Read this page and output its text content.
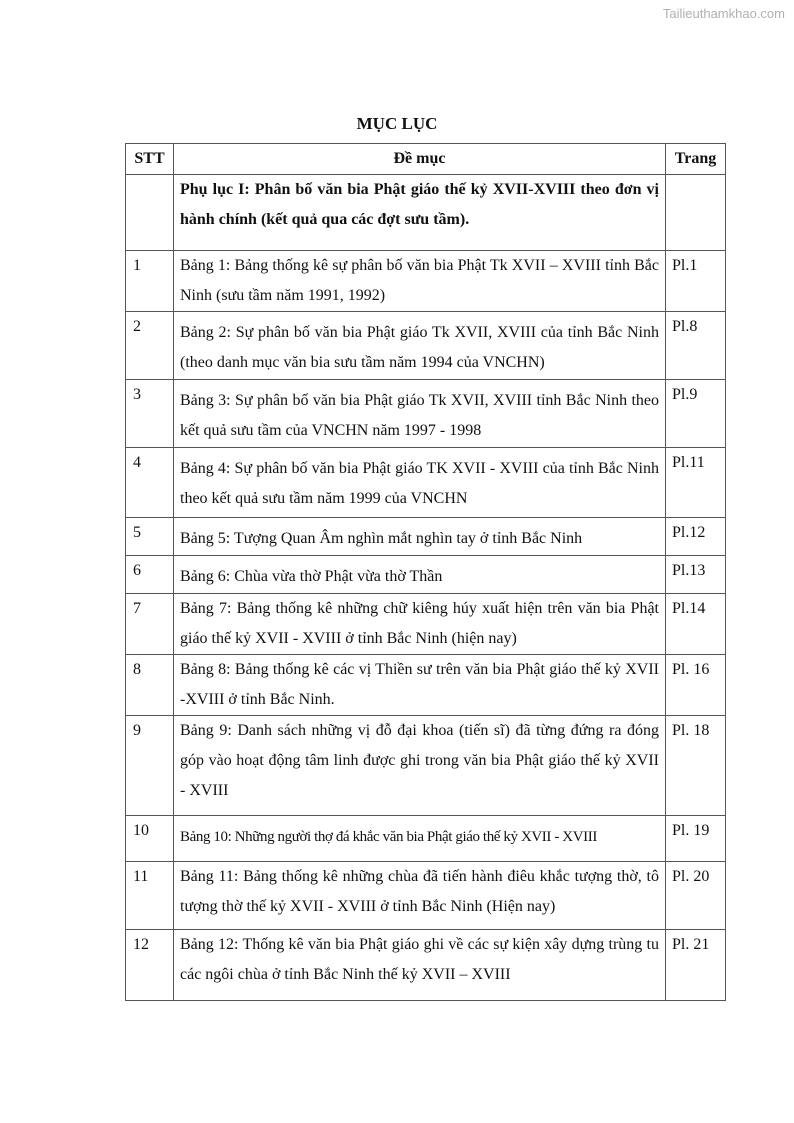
Tailieuthamkhao.com
MỤC LỤC
STT	Đề mục	Trang
	Phụ lục I: Phân bố văn bia Phật giáo thế kỷ XVII-XVIII theo đơn vị hành chính (kết quả qua các đợt sưu tầm).	
1	Bảng 1: Bảng thống kê sự phân bố văn bia Phật Tk XVII – XVIII tỉnh Bắc Ninh (sưu tầm năm 1991, 1992)	Pl.1
2	Bảng 2: Sự phân bố văn bia Phật giáo Tk XVII, XVIII của tỉnh Bắc Ninh (theo danh mục văn bia sưu tầm năm 1994 của VNCHN)	Pl.8
3	Bảng 3: Sự phân bố văn bia Phật giáo Tk XVII, XVIII tỉnh Bắc Ninh theo kết quả sưu tầm của VNCHN năm 1997 - 1998	Pl.9
4	Bảng 4: Sự phân bố văn bia Phật giáo TK XVII - XVIII của tỉnh Bắc Ninh theo kết quả sưu tầm năm 1999 của VNCHN	Pl.11
5	Bảng 5: Tượng Quan Âm nghìn mắt nghìn tay ở tỉnh Bắc Ninh	Pl.12
6	Bảng 6: Chùa vừa thờ Phật vừa thờ Thần	Pl.13
7	Bảng 7: Bảng thống kê những chữ kiêng húy xuất hiện trên văn bia Phật giáo thế kỷ XVII - XVIII ở tỉnh Bắc Ninh (hiện nay)	Pl.14
8	Bảng 8: Bảng thống kê các vị Thiền sư trên văn bia Phật giáo thế kỷ XVII -XVIII ở tỉnh Bắc Ninh.	Pl. 16
9	Bảng 9: Danh sách những vị đỗ đại khoa (tiến sĩ) đã từng đứng ra đóng góp vào hoạt động tâm linh được ghi trong văn bia Phật giáo thế kỷ XVII - XVIII	Pl. 18
10	Bảng 10: Những người thợ đá khắc văn bia Phật giáo thế kỷ XVII - XVIII	Pl. 19
11	Bảng 11: Bảng thống kê những chùa đã tiến hành điêu khắc tượng thờ, tô tượng thờ thế kỷ XVII - XVIII ở tỉnh Bắc Ninh (Hiện nay)	Pl. 20
12	Bảng 12: Thống kê văn bia Phật giáo ghi về các sự kiện xây dựng trùng tu các ngôi chùa ở tỉnh Bắc Ninh thế kỷ XVII – XVIII	Pl. 21
